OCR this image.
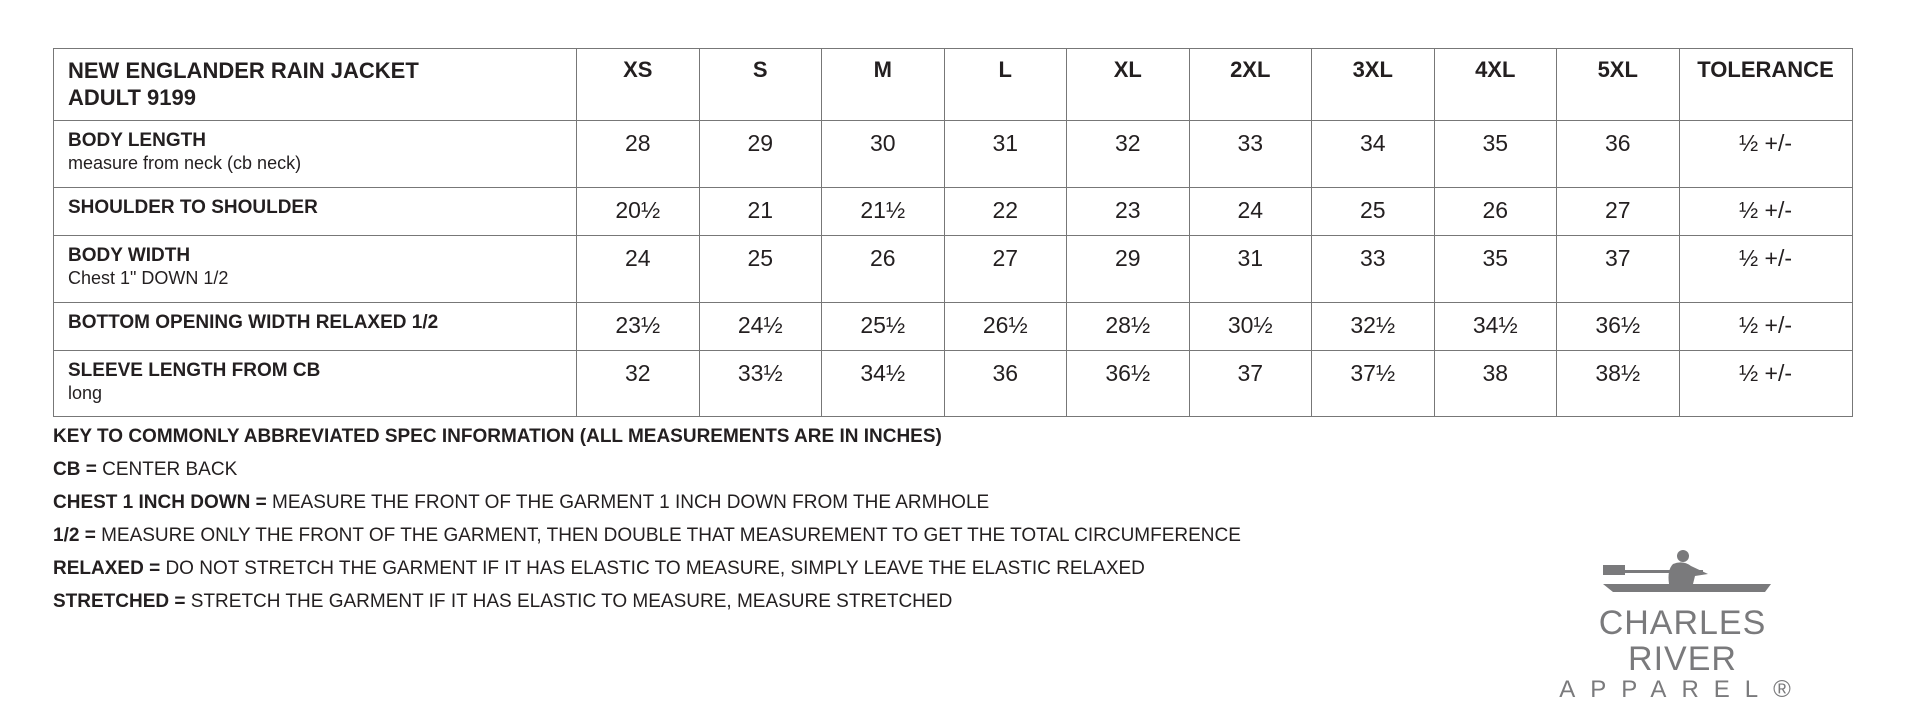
NEW ENGLANDER RAIN JACKET
ADULT 9199	XS	S	M	L	XL	2XL	3XL	4XL	5XL	TOLERANCE

BODY LENGTH
measure from neck (cb neck)	28	29	30	31	32	33	34	35	36	½ +/-

SHOULDER TO SHOULDER	20½	21	21½	22	23	24	25	26	27	½ +/-

BODY WIDTH
Chest 1" DOWN 1/2	24	25	26	27	29	31	33	35	37	½ +/-

BOTTOM OPENING WIDTH RELAXED 1/2	23½	24½	25½	26½	28½	30½	32½	34½	36½	½ +/-

SLEEVE LENGTH FROM CB
long	32	33½	34½	36	36½	37	37½	38	38½	½ +/-
KEY TO COMMONLY ABBREVIATED SPEC INFORMATION (ALL MEASUREMENTS ARE IN INCHES)
CB = CENTER BACK
CHEST 1 INCH DOWN = MEASURE THE FRONT OF THE GARMENT 1 INCH DOWN FROM THE ARMHOLE
1/2 = MEASURE ONLY THE FRONT OF THE GARMENT, THEN DOUBLE THAT MEASUREMENT TO GET THE TOTAL CIRCUMFERENCE
RELAXED = DO NOT STRETCH THE GARMENT IF IT HAS ELASTIC TO MEASURE, SIMPLY LEAVE THE ELASTIC RELAXED
STRETCHED = STRETCH THE GARMENT IF IT HAS ELASTIC TO MEASURE, MEASURE STRETCHED
CHARLES RIVER
APPAREL®
